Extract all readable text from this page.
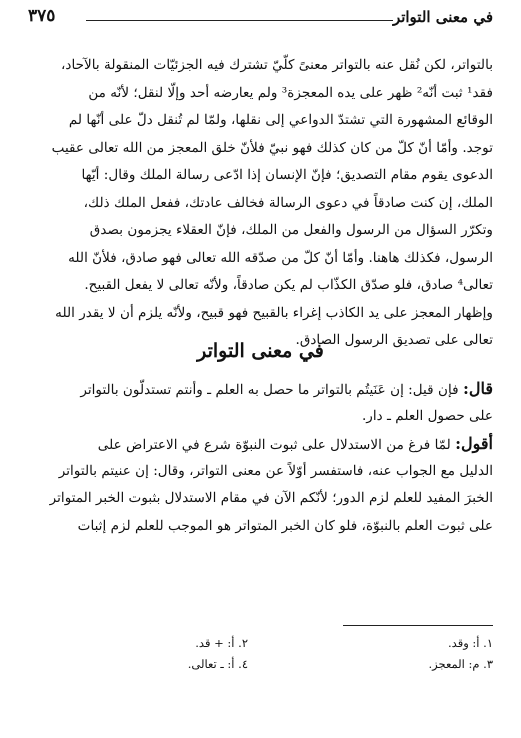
في معنى التواتر
٣٧٥
بالتواتر، لكن نُقل عنه بالتواتر معنىً كلّيّ تشترك فيه الجزئيّات المنقولة بالآحاد،
فقد¹ ثبت أنّه² ظهر على يده المعجزة³ ولم يعارضه أحد وإلّا لنقل؛ لأنّه من
الوقائع المشهورة التي تشتدّ الدواعي إلى نقلها، ولمّا لم تُنقل دلّ على أنّها لم
توجد. وأمّا أنّ كلّ من كان كذلك فهو نبيّ فلأنّ خلق المعجز من الله تعالى عقيب
الدعوى يقوم مقام التصديق؛ فإنّ الإنسان إذا ادّعى رسالة الملك وقال: أيّها
الملك، إن كنت صادقاً في دعوى الرسالة فخالف عادتك، ففعل الملك ذلك،
وتكرّر السؤال من الرسول والفعل من الملك، فإنّ العقلاء يجزمون بصدق
الرسول، فكذلك هاهنا. وأمّا أنّ كلّ من صدّقه الله تعالى فهو صادق، فلأنّ الله
تعالى⁴ صادق، فلو صدّق الكذّاب لم يكن صادقاً، ولأنّه تعالى لا يفعل القبيح.
وإظهار المعجز على يد الكاذب إغراء بالقبيح فهو قبيح، ولأنّه يلزم أن لا يقدر الله
تعالى على تصديق الرسول الصادق.
في معنى التواتر
قال: فإن قيل: إن عَنَيتُم بالتواتر ما حصل به العلم ـ وأنتم تستدلّون بالتواتر
على حصول العلم ـ دار.
أقول: لمّا فرغ من الاستدلال على ثبوت النبوّة شرع في الاعتراض على
الدليل مع الجواب عنه، فاستفسر أوّلاً عن معنى التواتر، وقال: إن عنيتم بالتواتر
الخبرَ المفيد للعلم لزم الدور؛ لأنّكم الآن في مقام الاستدلال بثبوت الخبر المتواتر
على ثبوت العلم بالنبوّة، فلو كان الخبر المتواتر هو الموجب للعلم لزم إثبات
١. أ: وقد.
٢. أ: + قد.
٣. م: المعجز.
٤. أ: ـ تعالى.
